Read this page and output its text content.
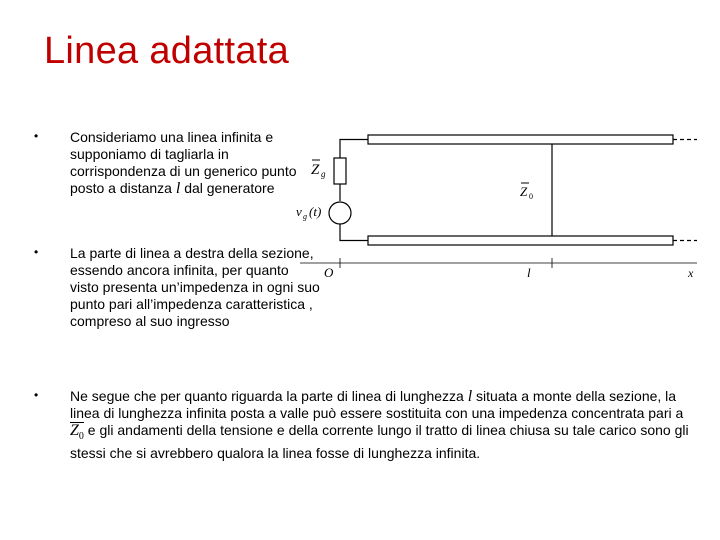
Linea adattata
• Consideriamo una linea infinita e supponiamo di tagliarla in corrispondenza di un generico punto posto a distanza l dal generatore
• La parte di linea a destra della sezione, essendo ancora infinita, per quanto visto presenta un’impedenza in ogni suo punto pari all’impedenza caratteristica , compreso al suo ingresso
• Ne segue che per quanto riguarda la parte di linea di lunghezza l situata a monte della sezione, la linea di lunghezza infinita posta a valle può essere sostituita con una impedenza concentrata pari a
$Z_0$ e gli andamenti della tensione e della corrente lungo il tratto di linea chiusa su tale carico sono gli stessi che si avrebbero qualora la linea fosse di lunghezza infinita.
Z g
Z 0
v g (t)
O	l	x
